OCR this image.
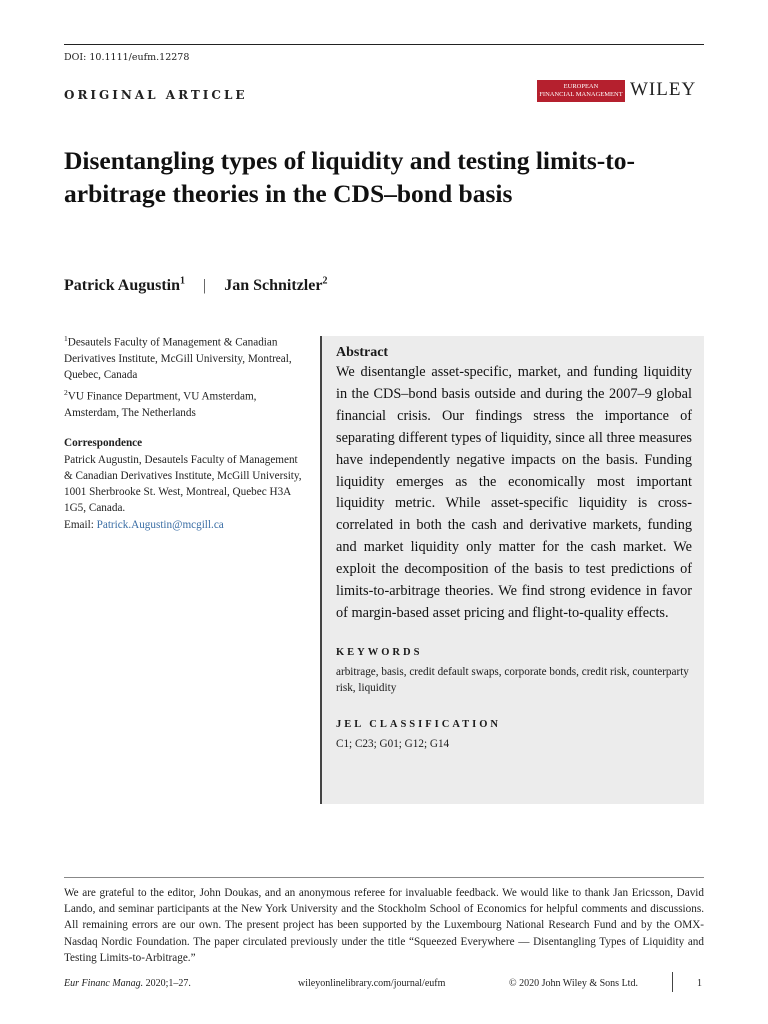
DOI: 10.1111/eufm.12278
ORIGINAL ARTICLE
EUROPEAN
FINANCIAL MANAGEMENT WILEY
Disentangling types of liquidity and testing limits-to-arbitrage theories in the CDS–bond basis
Patrick Augustin$^1$ | Jan Schnitzler$^2$
$^1$Desautels Faculty of Management & Canadian Derivatives Institute, McGill University, Montreal, Quebec, Canada
$^2$VU Finance Department, VU Amsterdam, Amsterdam, The Netherlands
Correspondence
Patrick Augustin, Desautels Faculty of Management & Canadian Derivatives Institute, McGill University, 1001 Sherbrooke St. West, Montreal, Quebec H3A 1G5, Canada.
Email: Patrick.Augustin@mcgill.ca
Abstract

We disentangle asset-specific, market, and funding liquidity in the CDS–bond basis outside and during the 2007–9 global financial crisis. Our findings stress the importance of separating different types of liquidity, since all three measures have independently negative impacts on the basis. Funding liquidity emerges as the economically most important liquidity metric. While asset-specific liquidity is cross-correlated in both the cash and derivative markets, funding and market liquidity only matter for the cash market. We exploit the decomposition of the basis to test predictions of limits-to-arbitrage theories. We find strong evidence in favor of margin-based asset pricing and flight-to-quality effects.

KEYWORDS
arbitrage, basis, credit default swaps, corporate bonds, credit risk, counterparty risk, liquidity
JEL CLASSIFICATION
C1; C23; G01; G12; G14

We are grateful to the editor, John Doukas, and an anonymous referee for invaluable feedback. We would like to thank Jan Ericsson, David Lando, and seminar participants at the New York University and the Stockholm School of Economics for helpful comments and discussions. All remaining errors are our own. The present project has been supported by the Luxembourg National Research Fund and by the OMX-Nasdaq Nordic Foundation. The paper circulated previously under the title “Squeezed Everywhere — Disentangling Types of Liquidity and Testing Limits-to-Arbitrage.”

Eur Financ Manag. 2020;1–27.	wileyonlinelibrary.com/journal/eufm	© 2020 John Wiley & Sons Ltd.	1
